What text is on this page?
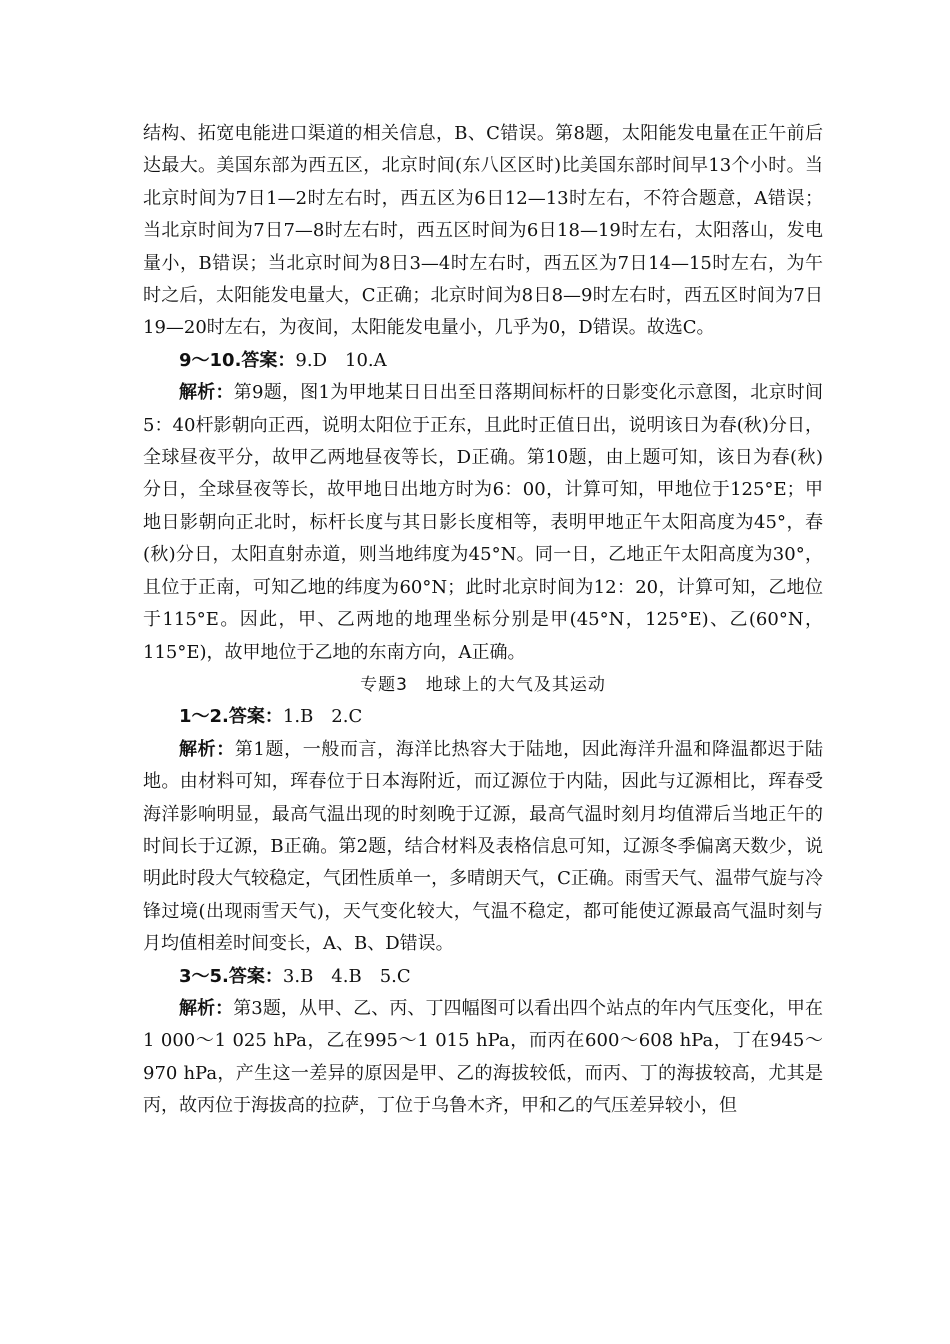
结构、拓宽电能进口渠道的相关信息，B、C错误。第8题，太阳能发电量在正午前后达最大。美国东部为西五区，北京时间(东八区区时)比美国东部时间早13个小时。当北京时间为7日1—2时左右时，西五区为6日12—13时左右，不符合题意，A错误；当北京时间为7日7—8时左右时，西五区时间为6日18—19时左右，太阳落山，发电量小，B错误；当北京时间为8日3—4时左右时，西五区为7日14—15时左右，为午时之后，太阳能发电量大，C正确；北京时间为8日8—9时左右时，西五区时间为7日19—20时左右，为夜间，太阳能发电量小，几乎为0，D错误。故选C。

9～10.答案：9.D　10.A

解析：第9题，图1为甲地某日日出至日落期间标杆的日影变化示意图，北京时间5：40杆影朝向正西，说明太阳位于正东，且此时正值日出，说明该日为春(秋)分日，全球昼夜平分，故甲乙两地昼夜等长，D正确。第10题，由上题可知，该日为春(秋)分日，全球昼夜等长，故甲地日出地方时为6：00，计算可知，甲地位于125°E；甲地日影朝向正北时，标杆长度与其日影长度相等，表明甲地正午太阳高度为45°，春(秋)分日，太阳直射赤道，则当地纬度为45°N。同一日，乙地正午太阳高度为30°，且位于正南，可知乙地的纬度为60°N；此时北京时间为12：20，计算可知，乙地位于115°E。因此，甲、乙两地的地理坐标分别是甲(45°N，125°E)、乙(60°N，115°E)，故甲地位于乙地的东南方向，A正确。

专题3　地球上的大气及其运动

1～2.答案：1.B　2.C

解析：第1题，一般而言，海洋比热容大于陆地，因此海洋升温和降温都迟于陆地。由材料可知，珲春位于日本海附近，而辽源位于内陆，因此与辽源相比，珲春受海洋影响明显，最高气温出现的时刻晚于辽源，最高气温时刻月均值滞后当地正午的时间长于辽源，B正确。第2题，结合材料及表格信息可知，辽源冬季偏离天数少，说明此时段大气较稳定，气团性质单一，多晴朗天气，C正确。雨雪天气、温带气旋与冷锋过境(出现雨雪天气)，天气变化较大，气温不稳定，都可能使辽源最高气温时刻与月均值相差时间变长，A、B、D错误。

3～5.答案：3.B　4.B　5.C

解析：第3题，从甲、乙、丙、丁四幅图可以看出四个站点的年内气压变化，甲在1 000～1 025 hPa，乙在995～1 015 hPa，而丙在600～608 hPa，丁在945～970 hPa，产生这一差异的原因是甲、乙的海拔较低，而丙、丁的海拔较高，尤其是丙，故丙位于海拔高的拉萨，丁位于乌鲁木齐，甲和乙的气压差异较小，但
